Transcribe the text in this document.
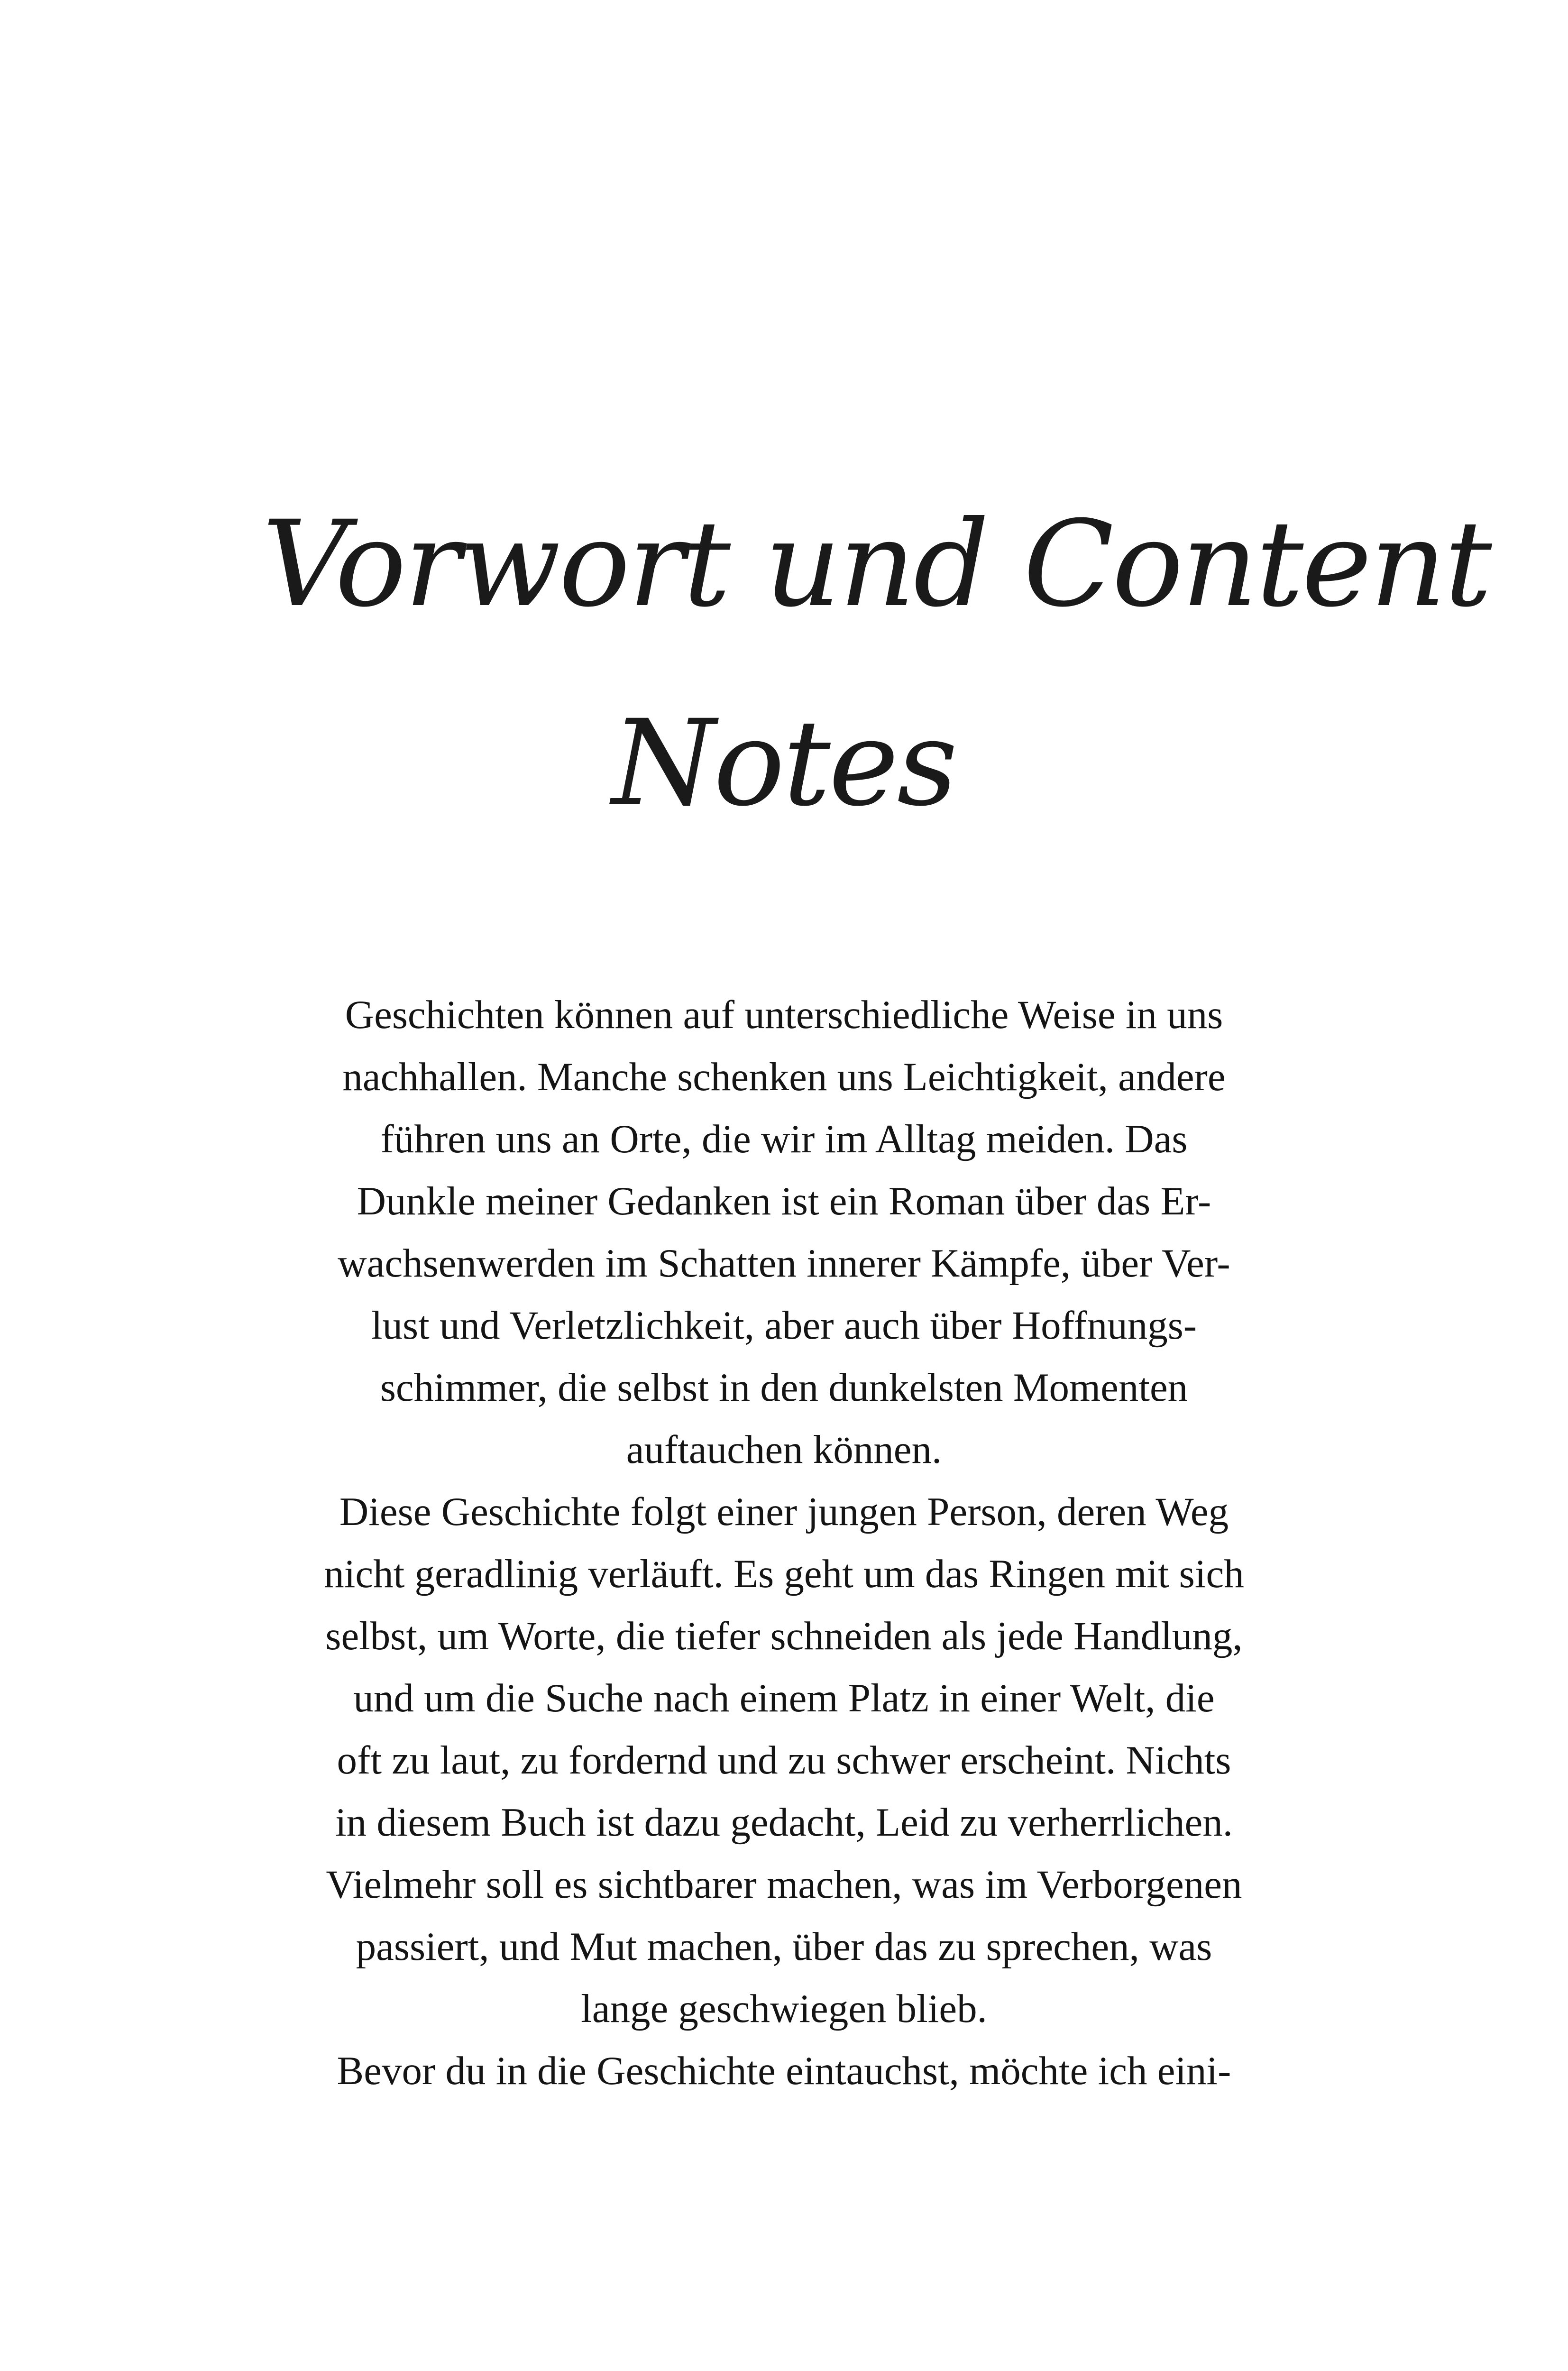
Vorwort und Content
Notes
Geschichten können auf unterschiedliche Weise in uns
nachhallen. Manche schenken uns Leichtigkeit, andere
führen uns an Orte, die wir im Alltag meiden. Das
Dunkle meiner Gedanken ist ein Roman über das Er-
wachsenwerden im Schatten innerer Kämpfe, über Ver-
lust und Verletzlichkeit, aber auch über Hoffnungs-
schimmer, die selbst in den dunkelsten Momenten
auftauchen können.
Diese Geschichte folgt einer jungen Person, deren Weg
nicht geradlinig verläuft. Es geht um das Ringen mit sich
selbst, um Worte, die tiefer schneiden als jede Handlung,
und um die Suche nach einem Platz in einer Welt, die
oft zu laut, zu fordernd und zu schwer erscheint. Nichts
in diesem Buch ist dazu gedacht, Leid zu verherrlichen.
Vielmehr soll es sichtbarer machen, was im Verborgenen
passiert, und Mut machen, über das zu sprechen, was
lange geschwiegen blieb.
Bevor du in die Geschichte eintauchst, möchte ich eini-
